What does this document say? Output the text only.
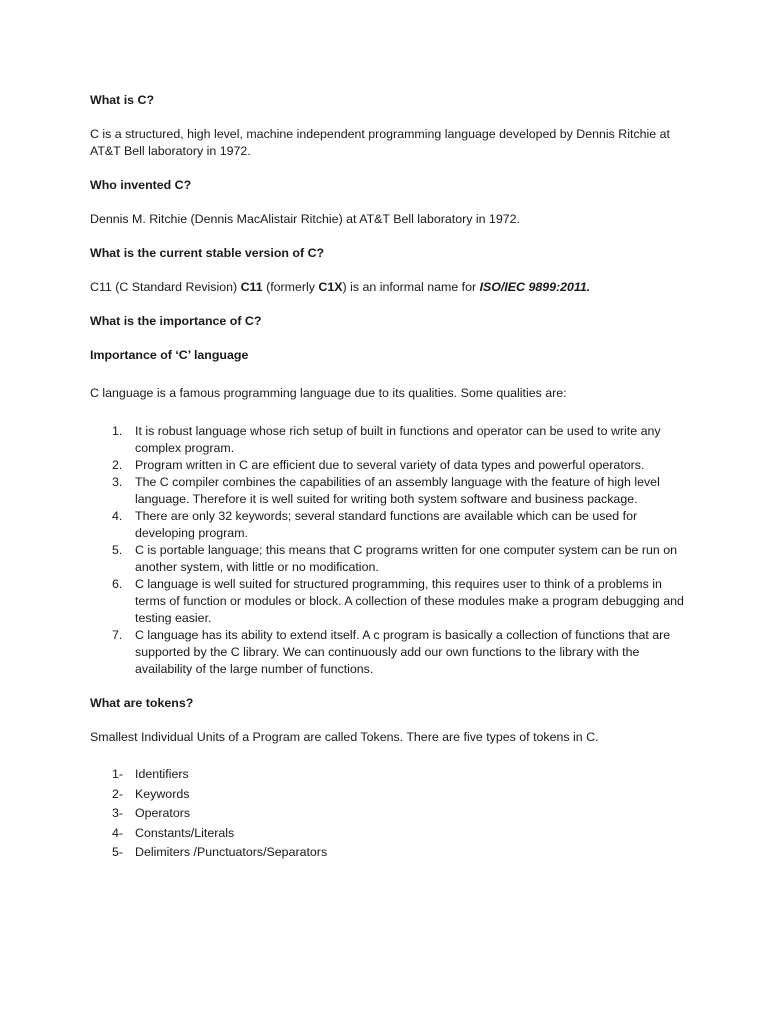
What is C?
C is a structured, high level, machine independent programming language developed by Dennis Ritchie at AT&T Bell laboratory in 1972.
Who invented C?
Dennis M. Ritchie (Dennis MacAlistair Ritchie) at AT&T Bell laboratory in 1972.
What is the current stable version of C?
C11 (C Standard Revision) C11 (formerly C1X) is an informal name for ISO/IEC 9899:2011.
What is the importance of C?
Importance of ‘C’ language
C language is a famous programming language due to its qualities. Some qualities are:
1. It is robust language whose rich setup of built in functions and operator can be used to write any complex program.
2. Program written in C are efficient due to several variety of data types and powerful operators.
3. The C compiler combines the capabilities of an assembly language with the feature of high level language. Therefore it is well suited for writing both system software and business package.
4. There are only 32 keywords; several standard functions are available which can be used for developing program.
5. C is portable language; this means that C programs written for one computer system can be run on another system, with little or no modification.
6. C language is well suited for structured programming, this requires user to think of a problems in terms of function or modules or block. A collection of these modules make a program debugging and testing easier.
7. C language has its ability to extend itself. A c program is basically a collection of functions that are supported by the C library. We can continuously add our own functions to the library with the availability of the large number of functions.
What are tokens?
Smallest Individual Units of a Program are called Tokens. There are five types of tokens in C.
1- Identifiers
2- Keywords
3- Operators
4- Constants/Literals
5- Delimiters /Punctuators/Separators
